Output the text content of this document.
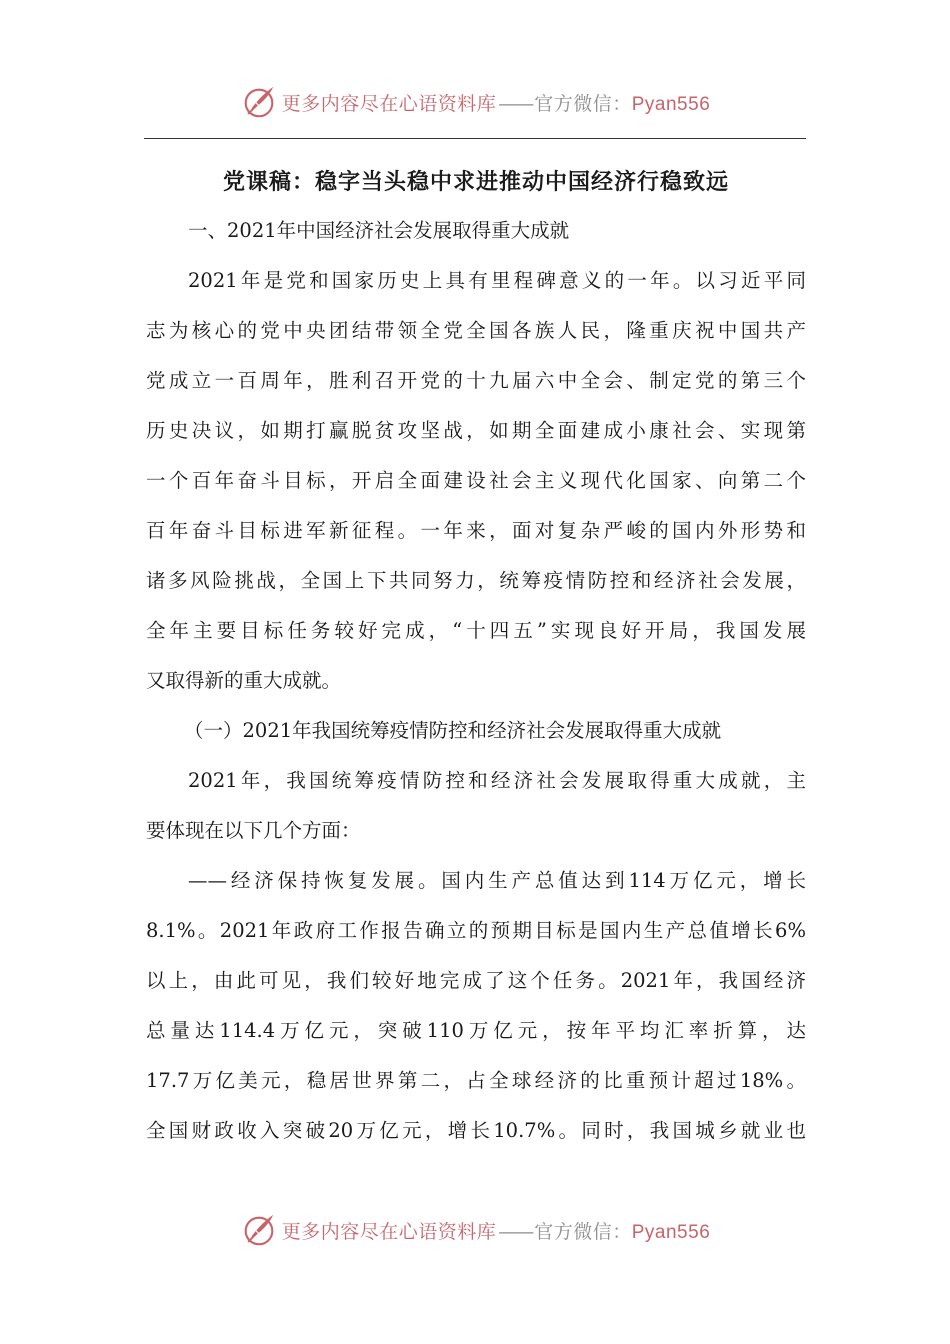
更多内容尽在心语资料库 —— 官方微信：Pyan556
党课稿：稳字当头稳中求进推动中国经济行稳致远
一、2021年中国经济社会发展取得重大成就
2021年是党和国家历史上具有里程碑意义的一年。以习近平同
志为核心的党中央团结带领全党全国各族人民，隆重庆祝中国共产
党成立一百周年，胜利召开党的十九届六中全会、制定党的第三个
历史决议，如期打赢脱贫攻坚战，如期全面建成小康社会、实现第
一个百年奋斗目标，开启全面建设社会主义现代化国家、向第二个
百年奋斗目标进军新征程。一年来，面对复杂严峻的国内外形势和
诸多风险挑战，全国上下共同努力，统筹疫情防控和经济社会发展，
全年主要目标任务较好完成，“十四五”实现良好开局，我国发展
又取得新的重大成就。
（一）2021年我国统筹疫情防控和经济社会发展取得重大成就
2021年，我国统筹疫情防控和经济社会发展取得重大成就，主
要体现在以下几个方面：
——经济保持恢复发展。国内生产总值达到114万亿元，增长
8.1%。2021年政府工作报告确立的预期目标是国内生产总值增长6%
以上，由此可见，我们较好地完成了这个任务。2021年，我国经济
总量达114.4万亿元，突破110万亿元，按年平均汇率折算，达
17.7万亿美元，稳居世界第二，占全球经济的比重预计超过18%。
全国财政收入突破20万亿元，增长10.7%。同时，我国城乡就业也
更多内容尽在心语资料库 —— 官方微信：Pyan556
